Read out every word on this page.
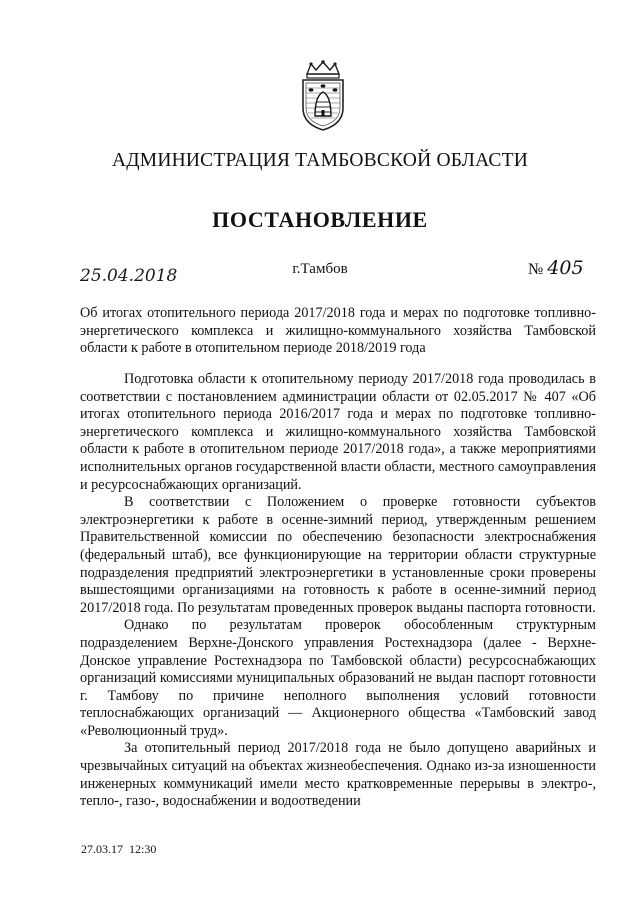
АДМИНИСТРАЦИЯ ТАМБОВСКОЙ ОБЛАСТИ
ПОСТАНОВЛЕНИЕ
25.04.2018	г.Тамбов	№ 405
Об итогах отопительного периода 2017/2018 года и мерах по подготовке топливно-энергетического комплекса и жилищно-коммунального хозяйства Тамбовской области к работе в отопительном периоде 2018/2019 года

Подготовка области к отопительному периоду 2017/2018 года проводилась в соответствии с постановлением администрации области от 02.05.2017 № 407 «Об итогах отопительного периода 2016/2017 года и мерах по подготовке топливно-энергетического комплекса и жилищно-коммунального хозяйства Тамбовской области к работе в отопительном периоде 2017/2018 года», а также мероприятиями исполнительных органов государственной власти области, местного самоуправления и ресурсоснабжающих организаций.

В соответствии с Положением о проверке готовности субъектов электроэнергетики к работе в осенне-зимний период, утвержденным решением Правительственной комиссии по обеспечению безопасности электроснабжения (федеральный штаб), все функционирующие на территории области структурные подразделения предприятий электроэнергетики в установленные сроки проверены вышестоящими организациями на готовность к работе в осенне-зимний период 2017/2018 года. По результатам проведенных проверок выданы паспорта готовности.

Однако по результатам проверок обособленным структурным подразделением Верхне-Донского управления Ростехнадзора (далее - Верхне-Донское управление Ростехнадзора по Тамбовской области) ресурсоснабжающих организаций комиссиями муниципальных образований не выдан паспорт готовности г. Тамбову по причине неполного выполнения условий готовности теплоснабжающих организаций — Акционерного общества «Тамбовский завод «Революционный труд».

За отопительный период 2017/2018 года не было допущено аварийных и чрезвычайных ситуаций на объектах жизнеобеспечения. Однако из-за изношенности инженерных коммуникаций имели место кратковременные перерывы в электро-, тепло-, газо-, водоснабжении и водоотведении

27.03.17  12:30
